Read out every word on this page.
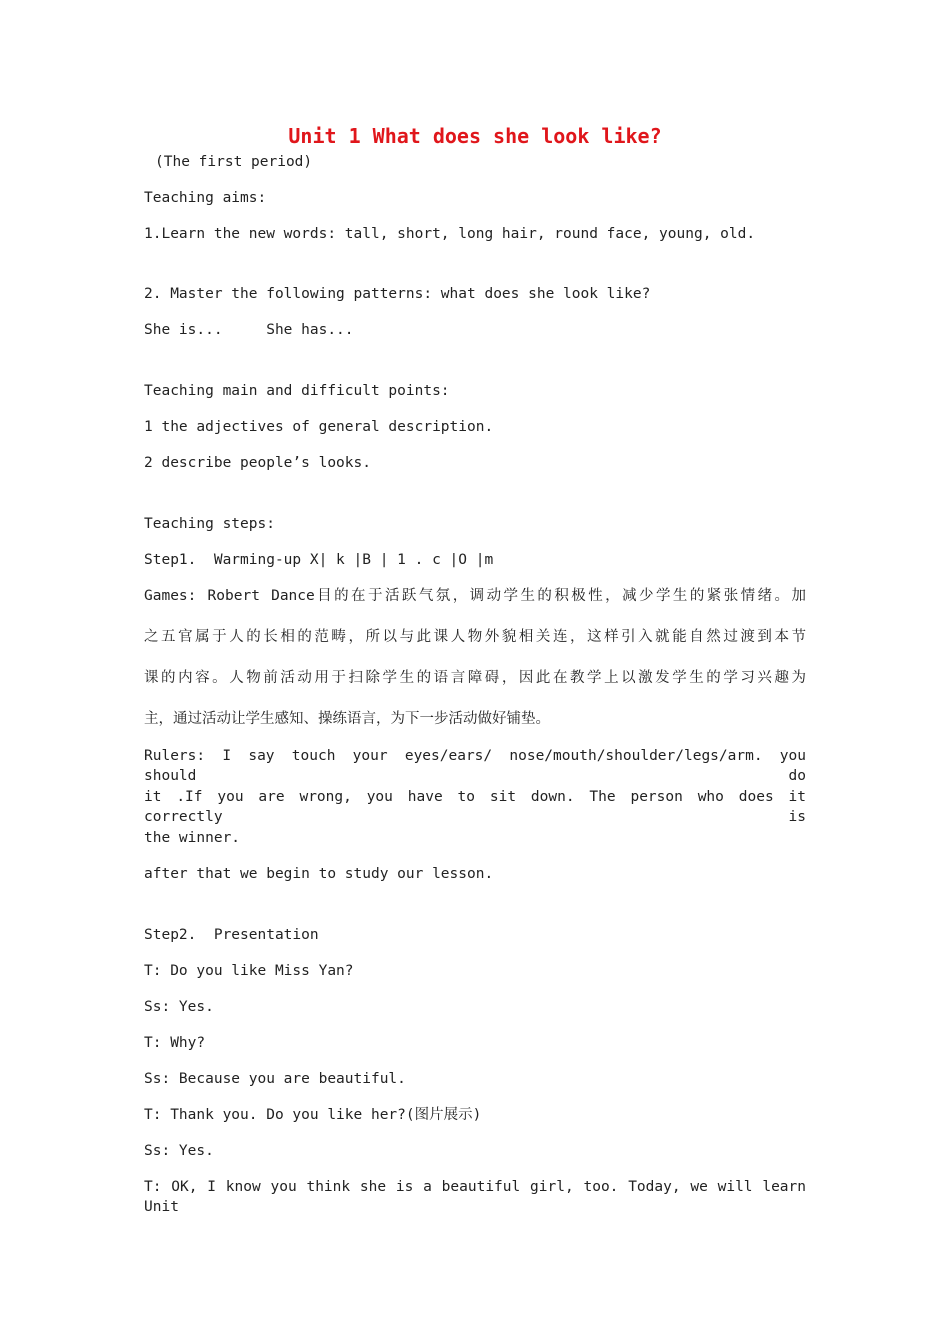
Unit 1 What does she look like?
(The first period)
Teaching aims:
1.Learn the new words: tall, short, long hair, round face, young, old.
2. Master the following patterns: what does she look like?
She is...     She has...
Teaching main and difficult points:
1 the adjectives of general description.
2 describe people’s looks.
Teaching steps:
Step1.  Warming-up X| k |B | 1 . c |O |m
Games: Robert Dance目的在于活跃气氛，调动学生的积极性，减少学生的紧张情绪。加
之五官属于人的长相的范畴，所以与此课人物外貌相关连，这样引入就能自然过渡到本节
课的内容。人物前活动用于扫除学生的语言障碍，因此在教学上以激发学生的学习兴趣为
主，通过活动让学生感知、操练语言，为下一步活动做好铺垫。
Rulers: I say touch your eyes/ears/ nose/mouth/shoulder/legs/arm. you should do
it .If you are wrong, you have to sit down. The person who does it correctly is
the winner.
after that we begin to study our lesson.
Step2.  Presentation
T: Do you like Miss Yan?
Ss: Yes.
T: Why?
Ss: Because you are beautiful.
T: Thank you. Do you like her?(图片展示)
Ss: Yes.
T: OK, I know you think she is a beautiful girl, too. Today, we will learn Unit
